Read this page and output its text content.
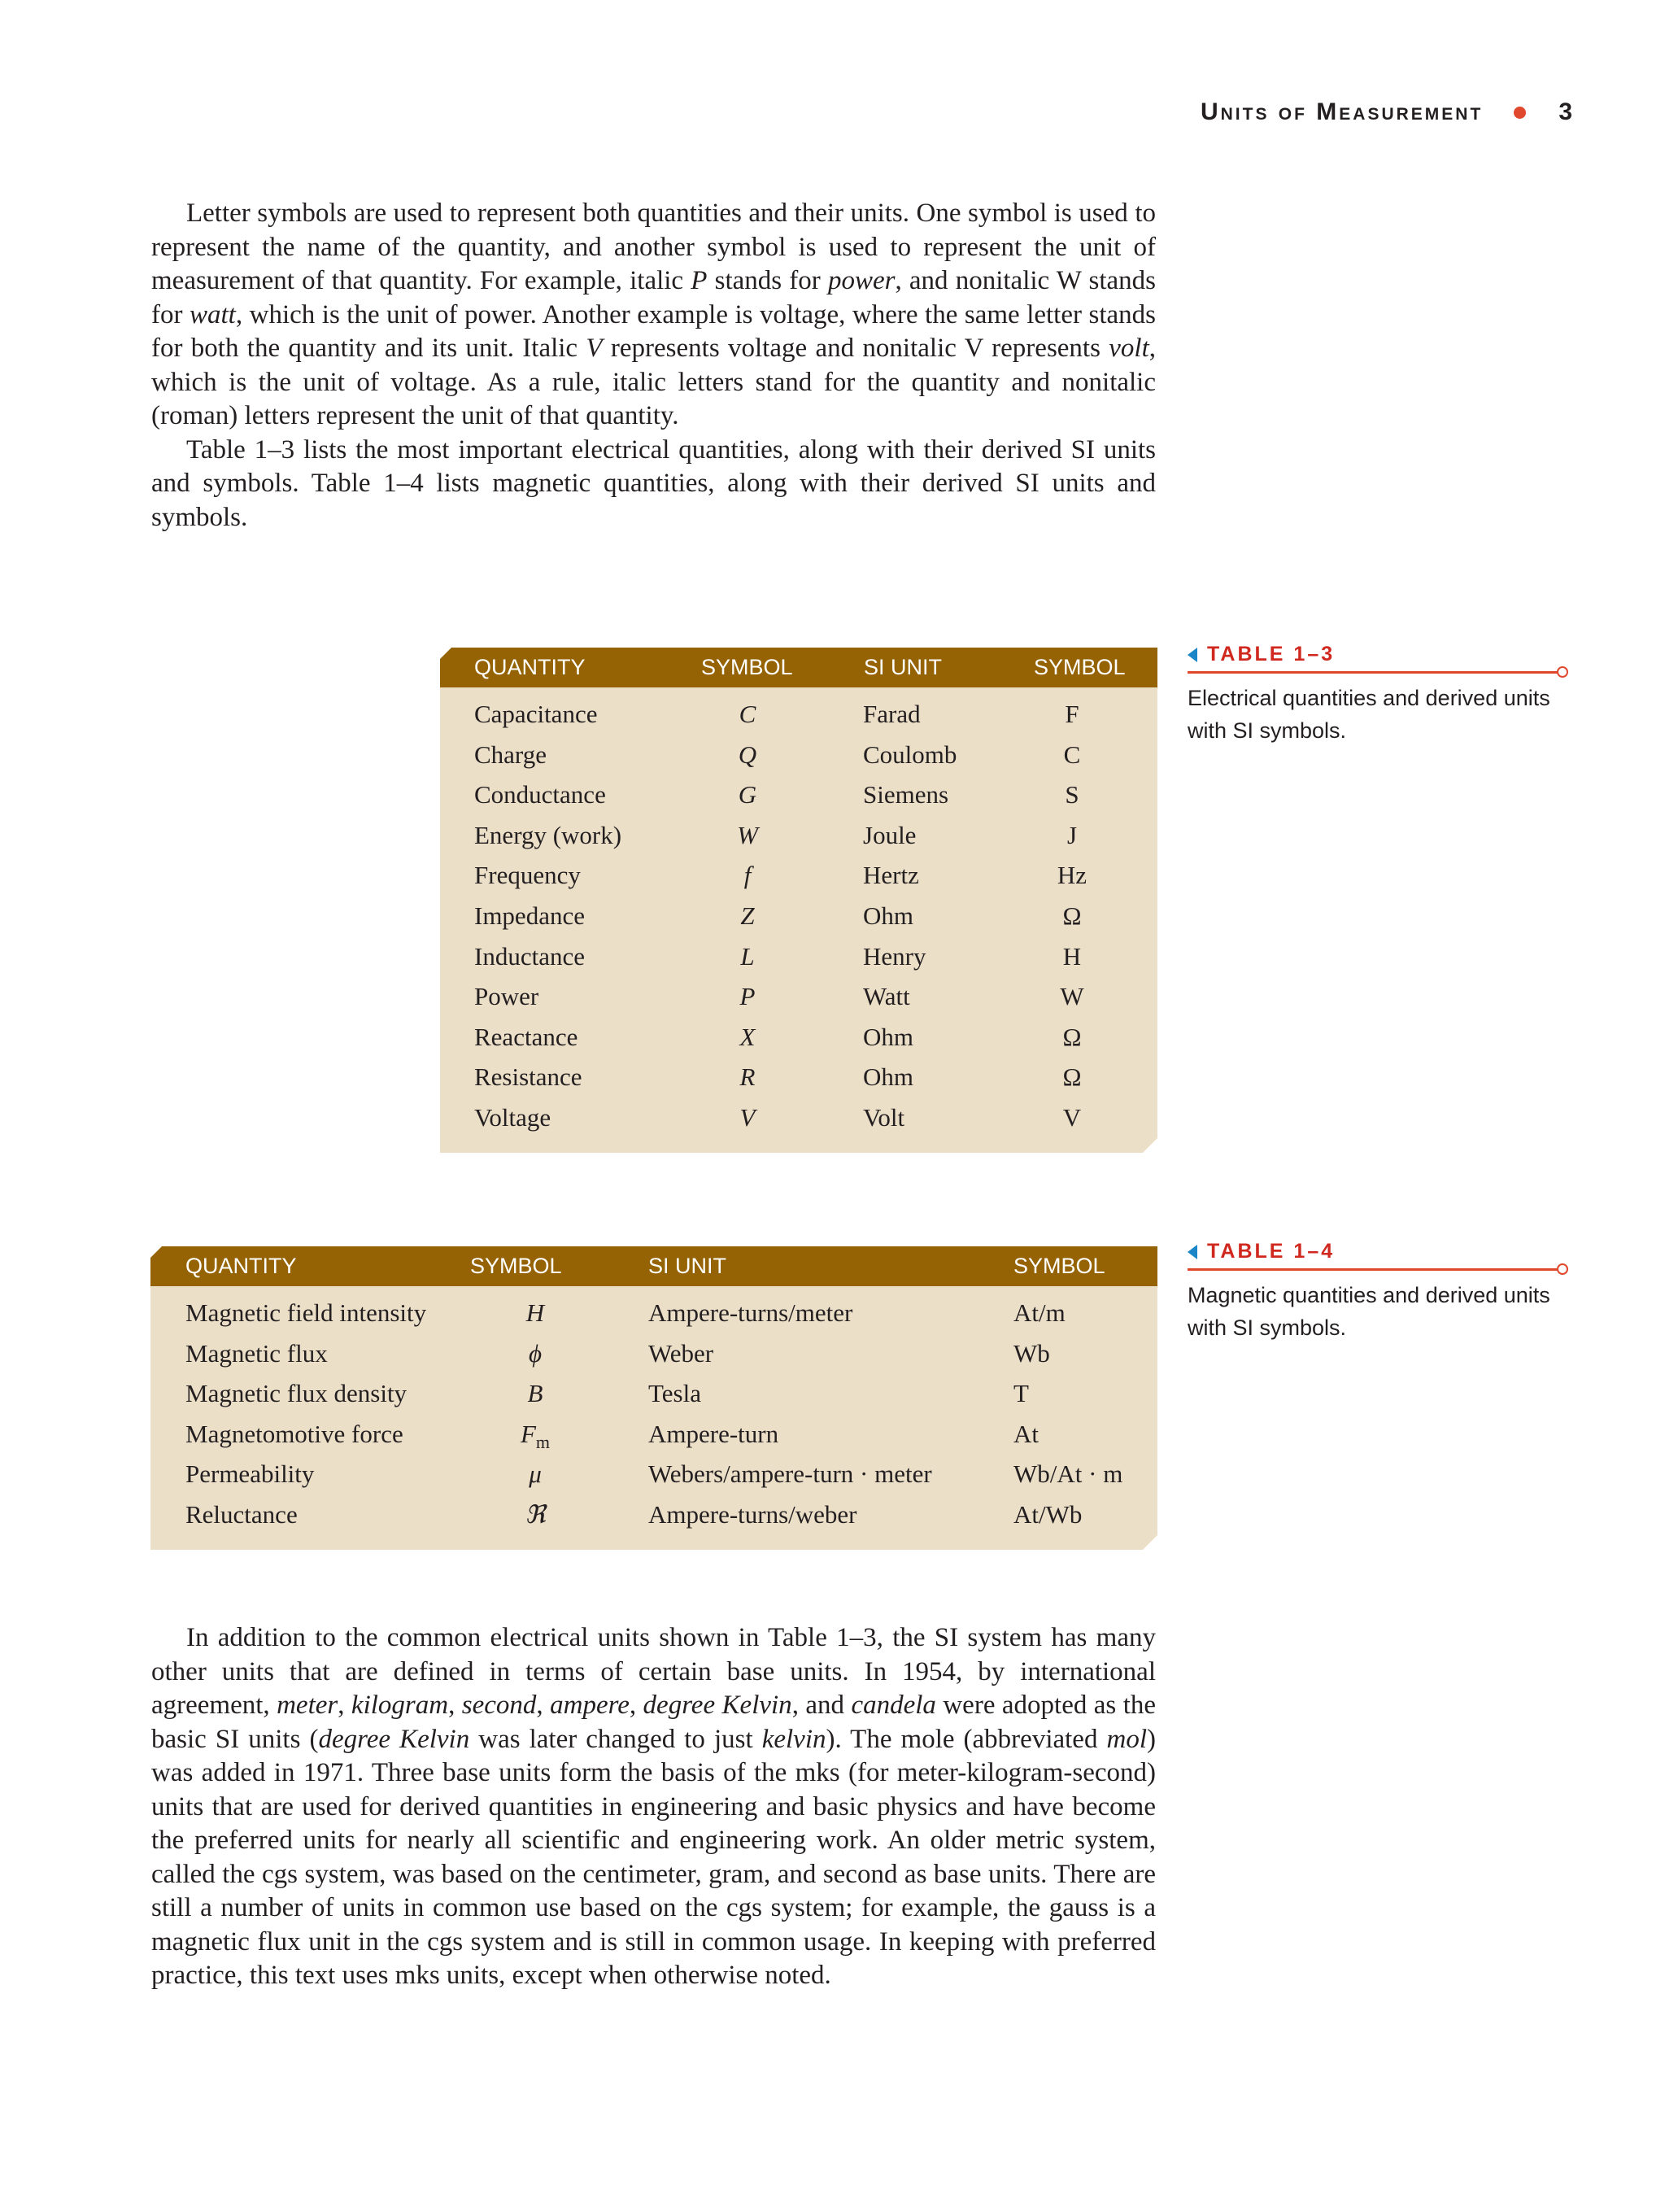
Units of Measurement	3

Letter symbols are used to represent both quantities and their units. One symbol is used to represent the name of the quantity, and another symbol is used to represent the unit of measurement of that quantity. For example, italic P stands for power, and nonitalic W stands for watt, which is the unit of power. Another example is voltage, where the same letter stands for both the quantity and its unit. Italic V represents voltage and nonitalic V represents volt, which is the unit of voltage. As a rule, italic letters stand for the quantity and nonitalic (roman) letters represent the unit of that quantity.

Table 1–3 lists the most important electrical quantities, along with their derived SI units and symbols. Table 1–4 lists magnetic quantities, along with their derived SI units and symbols.

QUANTITY	SYMBOL	SI UNIT	SYMBOL
Capacitance	C	Farad	F
Charge	Q	Coulomb	C
Conductance	G	Siemens	S
Energy (work)	W	Joule	J
Frequency	f	Hertz	Hz
Impedance	Z	Ohm	Ω
Inductance	L	Henry	H
Power	P	Watt	W
Reactance	X	Ohm	Ω
Resistance	R	Ohm	Ω
Voltage	V	Volt	V
TABLE 1–3
Electrical quantities and derived units with SI symbols.
QUANTITY	SYMBOL	SI UNIT	SYMBOL
Magnetic field intensity	H	Ampere-turns/meter	At/m
Magnetic flux	ϕ	Weber	Wb
Magnetic flux density	B	Tesla	T
Magnetomotive force	$F_m$	Ampere-turn	At
Permeability	μ	Webers/ampere-turn · meter	Wb/At · m
Reluctance	ℜ	Ampere-turns/weber	At/Wb
TABLE 1–4
Magnetic quantities and derived units with SI symbols.

In addition to the common electrical units shown in Table 1–3, the SI system has many other units that are defined in terms of certain base units. In 1954, by international agreement, meter, kilogram, second, ampere, degree Kelvin, and candela were adopted as the basic SI units (degree Kelvin was later changed to just kelvin). The mole (abbreviated mol) was added in 1971. Three base units form the basis of the mks (for meter-kilogram-second) units that are used for derived quantities in engineering and basic physics and have become the preferred units for nearly all scientific and engineering work. An older metric system, called the cgs system, was based on the centimeter, gram, and second as base units. There are still a number of units in common use based on the cgs system; for example, the gauss is a magnetic flux unit in the cgs system and is still in common usage. In keeping with preferred practice, this text uses mks units, except when otherwise noted.
